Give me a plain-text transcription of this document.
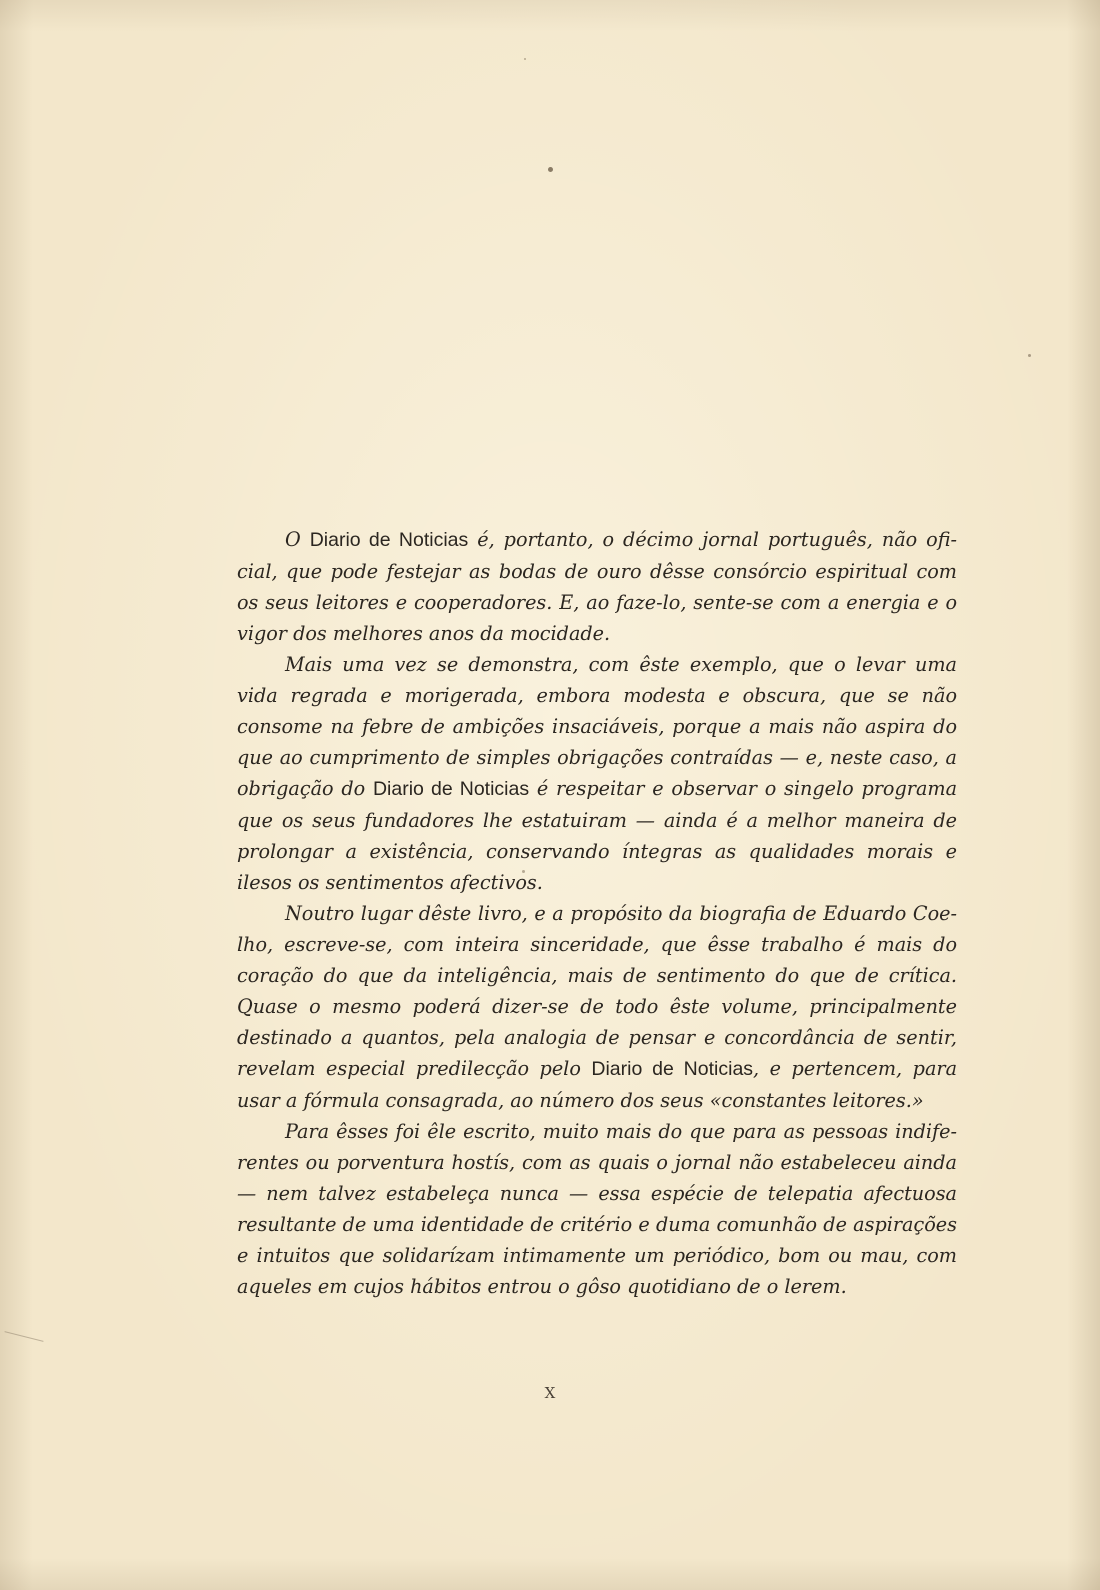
O Diario de Noticias é, portanto, o décimo jornal português, não oficial, que pode festejar as bodas de ouro dêsse consórcio espiritual com os seus leitores e cooperadores. E, ao faze-lo, sente-se com a energia e o vigor dos melhores anos da mocidade.

Mais uma vez se demonstra, com êste exemplo, que o levar uma vida regrada e morigerada, embora modesta e obscura, que se não consome na febre de ambições insaciáveis, porque a mais não aspira do que ao cumprimento de simples obrigações contraídas — e, neste caso, a obrigação do Diario de Noticias é respeitar e observar o singelo programa que os seus fundadores lhe estatuiram — ainda é a melhor maneira de prolongar a existência, conservando íntegras as qualidades morais e ilesos os sentimentos afectivos.

Noutro lugar dêste livro, e a propósito da biografia de Eduardo Coelho, escreve-se, com inteira sinceridade, que êsse trabalho é mais do coração do que da inteligência, mais de sentimento do que de crítica. Quase o mesmo poderá dizer-se de todo êste volume, principalmente destinado a quantos, pela analogia de pensar e concordância de sentir, revelam especial predilecção pelo Diario de Noticias, e pertencem, para usar a fórmula consagrada, ao número dos seus «constantes leitores.»

Para êsses foi êle escrito, muito mais do que para as pessoas indiferentes ou porventura hostís, com as quais o jornal não estabeleceu ainda — nem talvez estabeleça nunca — essa espécie de telepatia afectuosa resultante de uma identidade de critério e duma comunhão de aspirações e intuitos que solidarízam intimamente um periódico, bom ou mau, com aqueles em cujos hábitos entrou o gôso quotidiano de o lerem.

X
